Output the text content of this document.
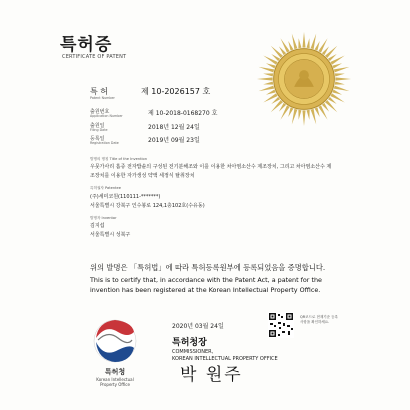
특허증
CERTIFICATE OF PATENT
특 허
Patent Number
제 10-2026157 호
출원번호
Application Number	제 10-2018-0168270 호
출원일
Filing Date	2018년 12월 24일
등록일
Registration Date	2019년 09월 23일
발명의 명칭 Title of the Invention
우뭇가사리 흡증 전자밥솥의 구성된 전기분해조와 이를 이용한 차아염소산수 제조장치, 그리고 차아염소산수 제
조장치를 이용한 자가생성 약액 세정식 탈취장치
특허권자 Patentee
(주)세미코원(110111-*******)
서울특별시 강북구 인수봉로 124,1층102호(수유동)
발명자 Inventor
김지섭
서울특별시 성북구
위의 발명은 「특허법」에 따라 특허등록원부에 등록되었음을 증명합니다.
This is to certify that, in accordance with the Patent Act, a patent for the invention has been registered at the Korean Intellectual Property Office.
2020년 03월 24일
특허청장
COMMISSIONER,
KOREAN INTELLECTUAL PROPERTY OFFICE
박 원주
QR코드로 현재기준 등록사항을 확인하세요.
특허청
Korean Intellectual
Property Office
